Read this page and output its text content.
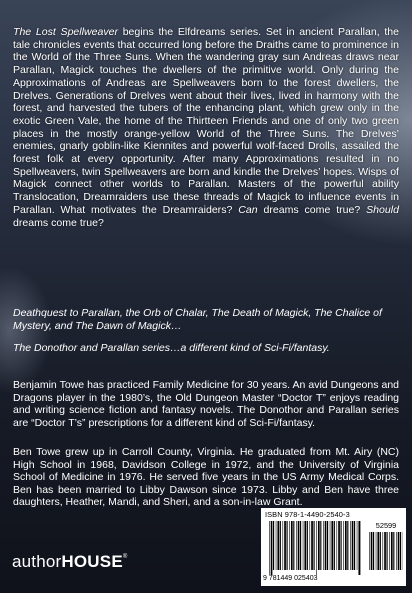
The Lost Spellweaver begins the Elfdreams series. Set in ancient Parallan, the tale chronicles events that occurred long before the Draiths came to prominence in the World of the Three Suns. When the wandering gray sun Andreas draws near Parallan, Magick touches the dwellers of the primitive world. Only during the Approximations of Andreas are Spellweavers born to the forest dwellers, the Drelves. Generations of Drelves went about their lives, lived in harmony with the forest, and harvested the tubers of the enhancing plant, which grew only in the exotic Green Vale, the home of the Thirtteen Friends and one of only two green places in the mostly orange-yellow World of the Three Suns. The Drelves’ enemies, gnarly goblin-like Kiennites and powerful wolf-faced Drolls, assailed the forest folk at every opportunity. After many Approximations resulted in no Spellweavers, twin Spellweavers are born and kindle the Drelves’ hopes. Wisps of Magick connect other worlds to Parallan. Masters of the powerful ability Translocation, Dreamraiders use these threads of Magick to influence events in Parallan. What motivates the Dreamraiders? Can dreams come true? Should dreams come true?

Deathquest to Parallan, the Orb of Chalar, The Death of Magick, The Chalice of Mystery, and The Dawn of Magick…

The Donothor and Parallan series…a different kind of Sci-Fi/fantasy.

Benjamin Towe has practiced Family Medicine for 30 years. An avid Dungeons and Dragons player in the 1980’s, the Old Dungeon Master “Doctor T” enjoys reading and writing science fiction and fantasy novels. The Donothor and Parallan series are “Doctor T’s” prescriptions for a different kind of Sci-Fi/fantasy.

Ben Towe grew up in Carroll County, Virginia. He graduated from Mt. Airy (NC) High School in 1968, Davidson College in 1972, and the University of Virginia School of Medicine in 1976. He served five years in the US Army Medical Corps. Ben has been married to Libby Dawson since 1973. Libby and Ben have three daughters, Heather, Mandi, and Sheri, and a son-in-law Grant.

authorHOUSE®
ISBN 978-1-4490-2540-3
52599
9 781449 025403
